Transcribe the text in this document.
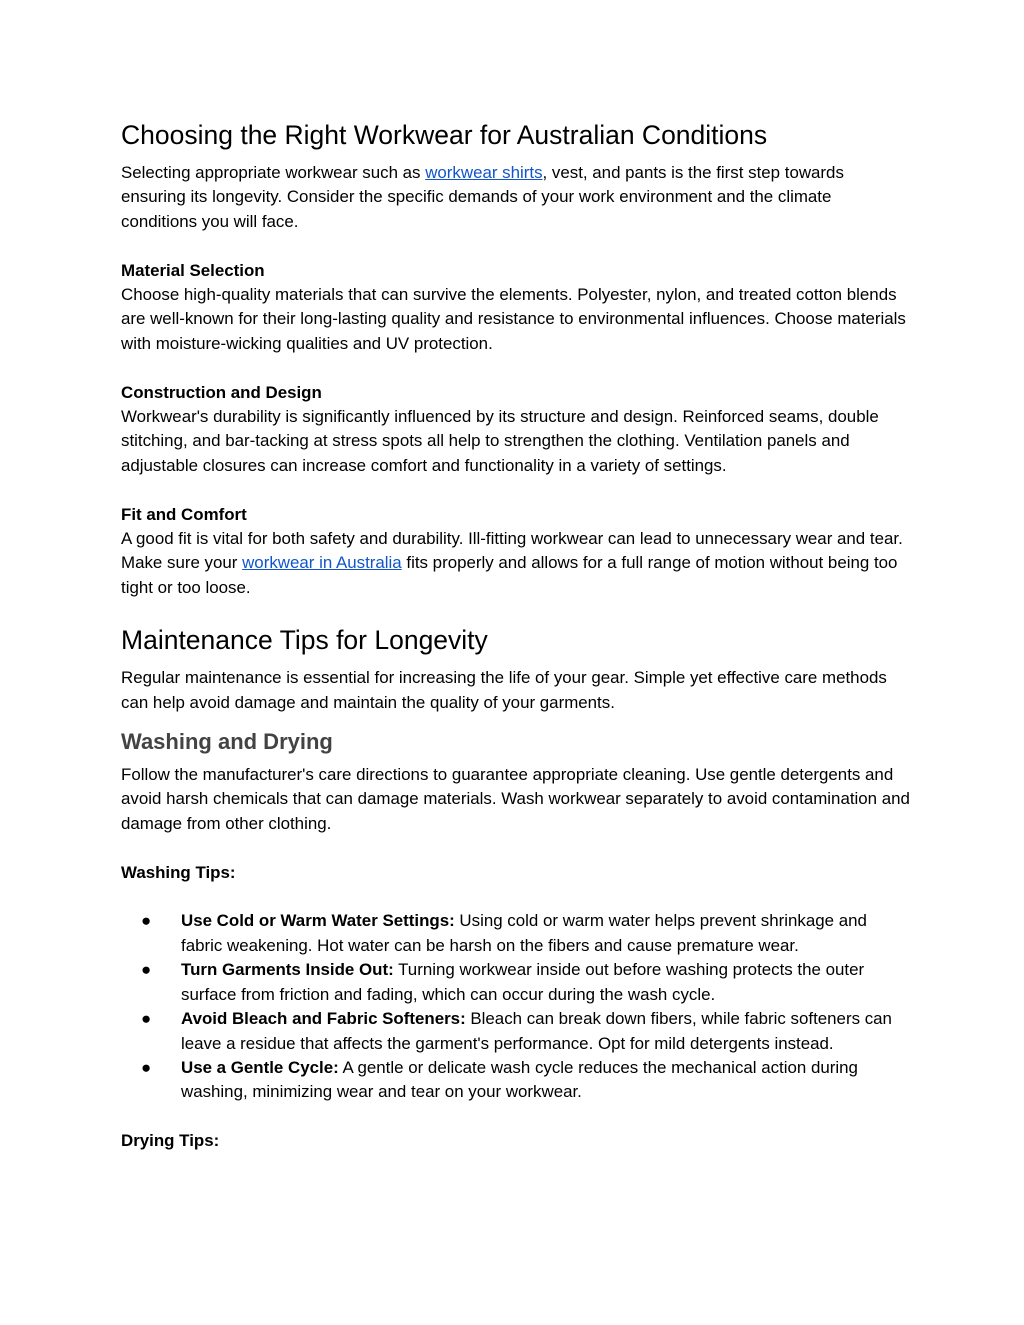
Choosing the Right Workwear for Australian Conditions

Selecting appropriate workwear such as workwear shirts, vest, and pants is the first step towards ensuring its longevity. Consider the specific demands of your work environment and the climate conditions you will face.

Material Selection

Choose high-quality materials that can survive the elements. Polyester, nylon, and treated cotton blends are well-known for their long-lasting quality and resistance to environmental influences. Choose materials with moisture-wicking qualities and UV protection.

Construction and Design

Workwear's durability is significantly influenced by its structure and design. Reinforced seams, double stitching, and bar-tacking at stress spots all help to strengthen the clothing. Ventilation panels and adjustable closures can increase comfort and functionality in a variety of settings.

Fit and Comfort

A good fit is vital for both safety and durability. Ill-fitting workwear can lead to unnecessary wear and tear. Make sure your workwear in Australia fits properly and allows for a full range of motion without being too tight or too loose.

Maintenance Tips for Longevity

Regular maintenance is essential for increasing the life of your gear. Simple yet effective care methods can help avoid damage and maintain the quality of your garments.

Washing and Drying

Follow the manufacturer's care directions to guarantee appropriate cleaning. Use gentle detergents and avoid harsh chemicals that can damage materials. Wash workwear separately to avoid contamination and damage from other clothing.

Washing Tips:

● Use Cold or Warm Water Settings: Using cold or warm water helps prevent shrinkage and fabric weakening. Hot water can be harsh on the fibers and cause premature wear.
● Turn Garments Inside Out: Turning workwear inside out before washing protects the outer surface from friction and fading, which can occur during the wash cycle.
● Avoid Bleach and Fabric Softeners: Bleach can break down fibers, while fabric softeners can leave a residue that affects the garment's performance. Opt for mild detergents instead.
● Use a Gentle Cycle: A gentle or delicate wash cycle reduces the mechanical action during washing, minimizing wear and tear on your workwear.

Drying Tips:
